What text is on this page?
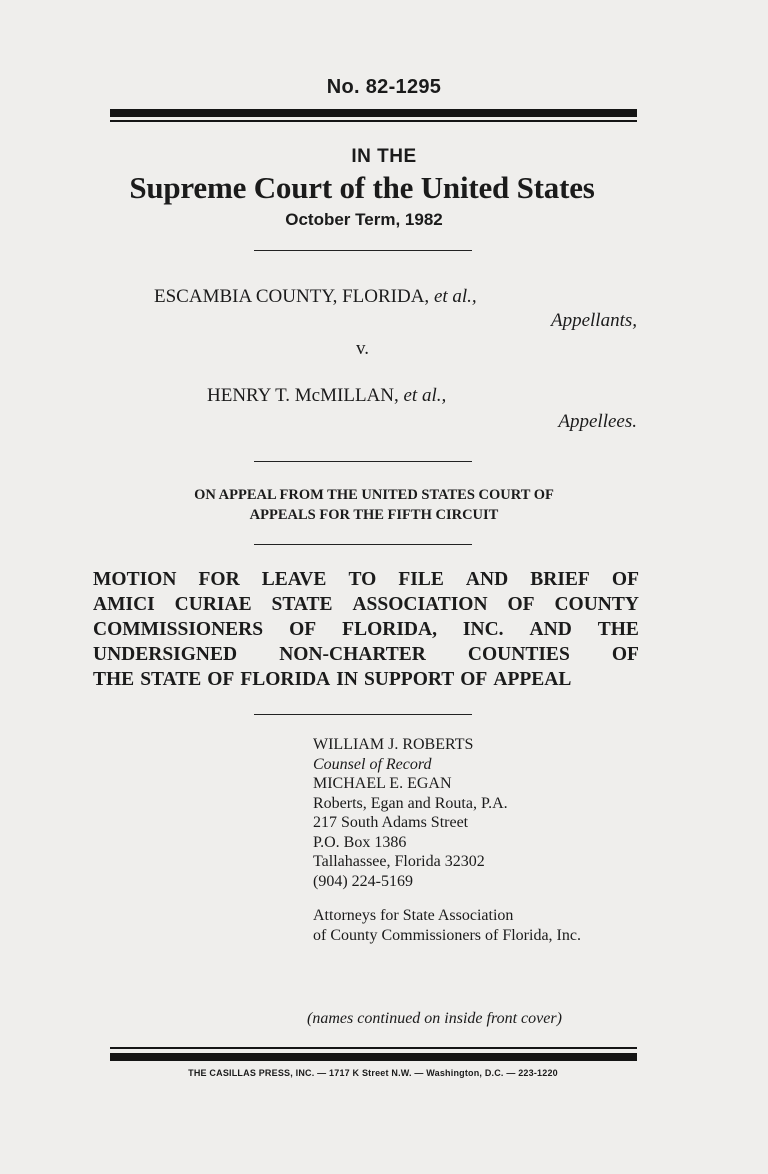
No. 82-1295
IN THE
Supreme Court of the United States
October Term, 1982
ESCAMBIA COUNTY, FLORIDA, et al.,
Appellants,
v.
HENRY T. McMILLAN, et al.,
Appellees.
ON APPEAL FROM THE UNITED STATES COURT OF
APPEALS FOR THE FIFTH CIRCUIT
MOTION FOR LEAVE TO FILE AND BRIEF OF
AMICI CURIAE STATE ASSOCIATION OF COUNTY
COMMISSIONERS OF FLORIDA, INC. AND THE
UNDERSIGNED NON-CHARTER COUNTIES OF
THE STATE OF FLORIDA IN SUPPORT OF APPEAL
WILLIAM J. ROBERTS
Counsel of Record
MICHAEL E. EGAN
Roberts, Egan and Routa, P.A.
217 South Adams Street
P.O. Box 1386
Tallahassee, Florida 32302
(904) 224-5169
Attorneys for State Association
of County Commissioners of Florida, Inc.
(names continued on inside front cover)
THE CASILLAS PRESS, INC. — 1717 K Street N.W. — Washington, D.C. — 223-1220
